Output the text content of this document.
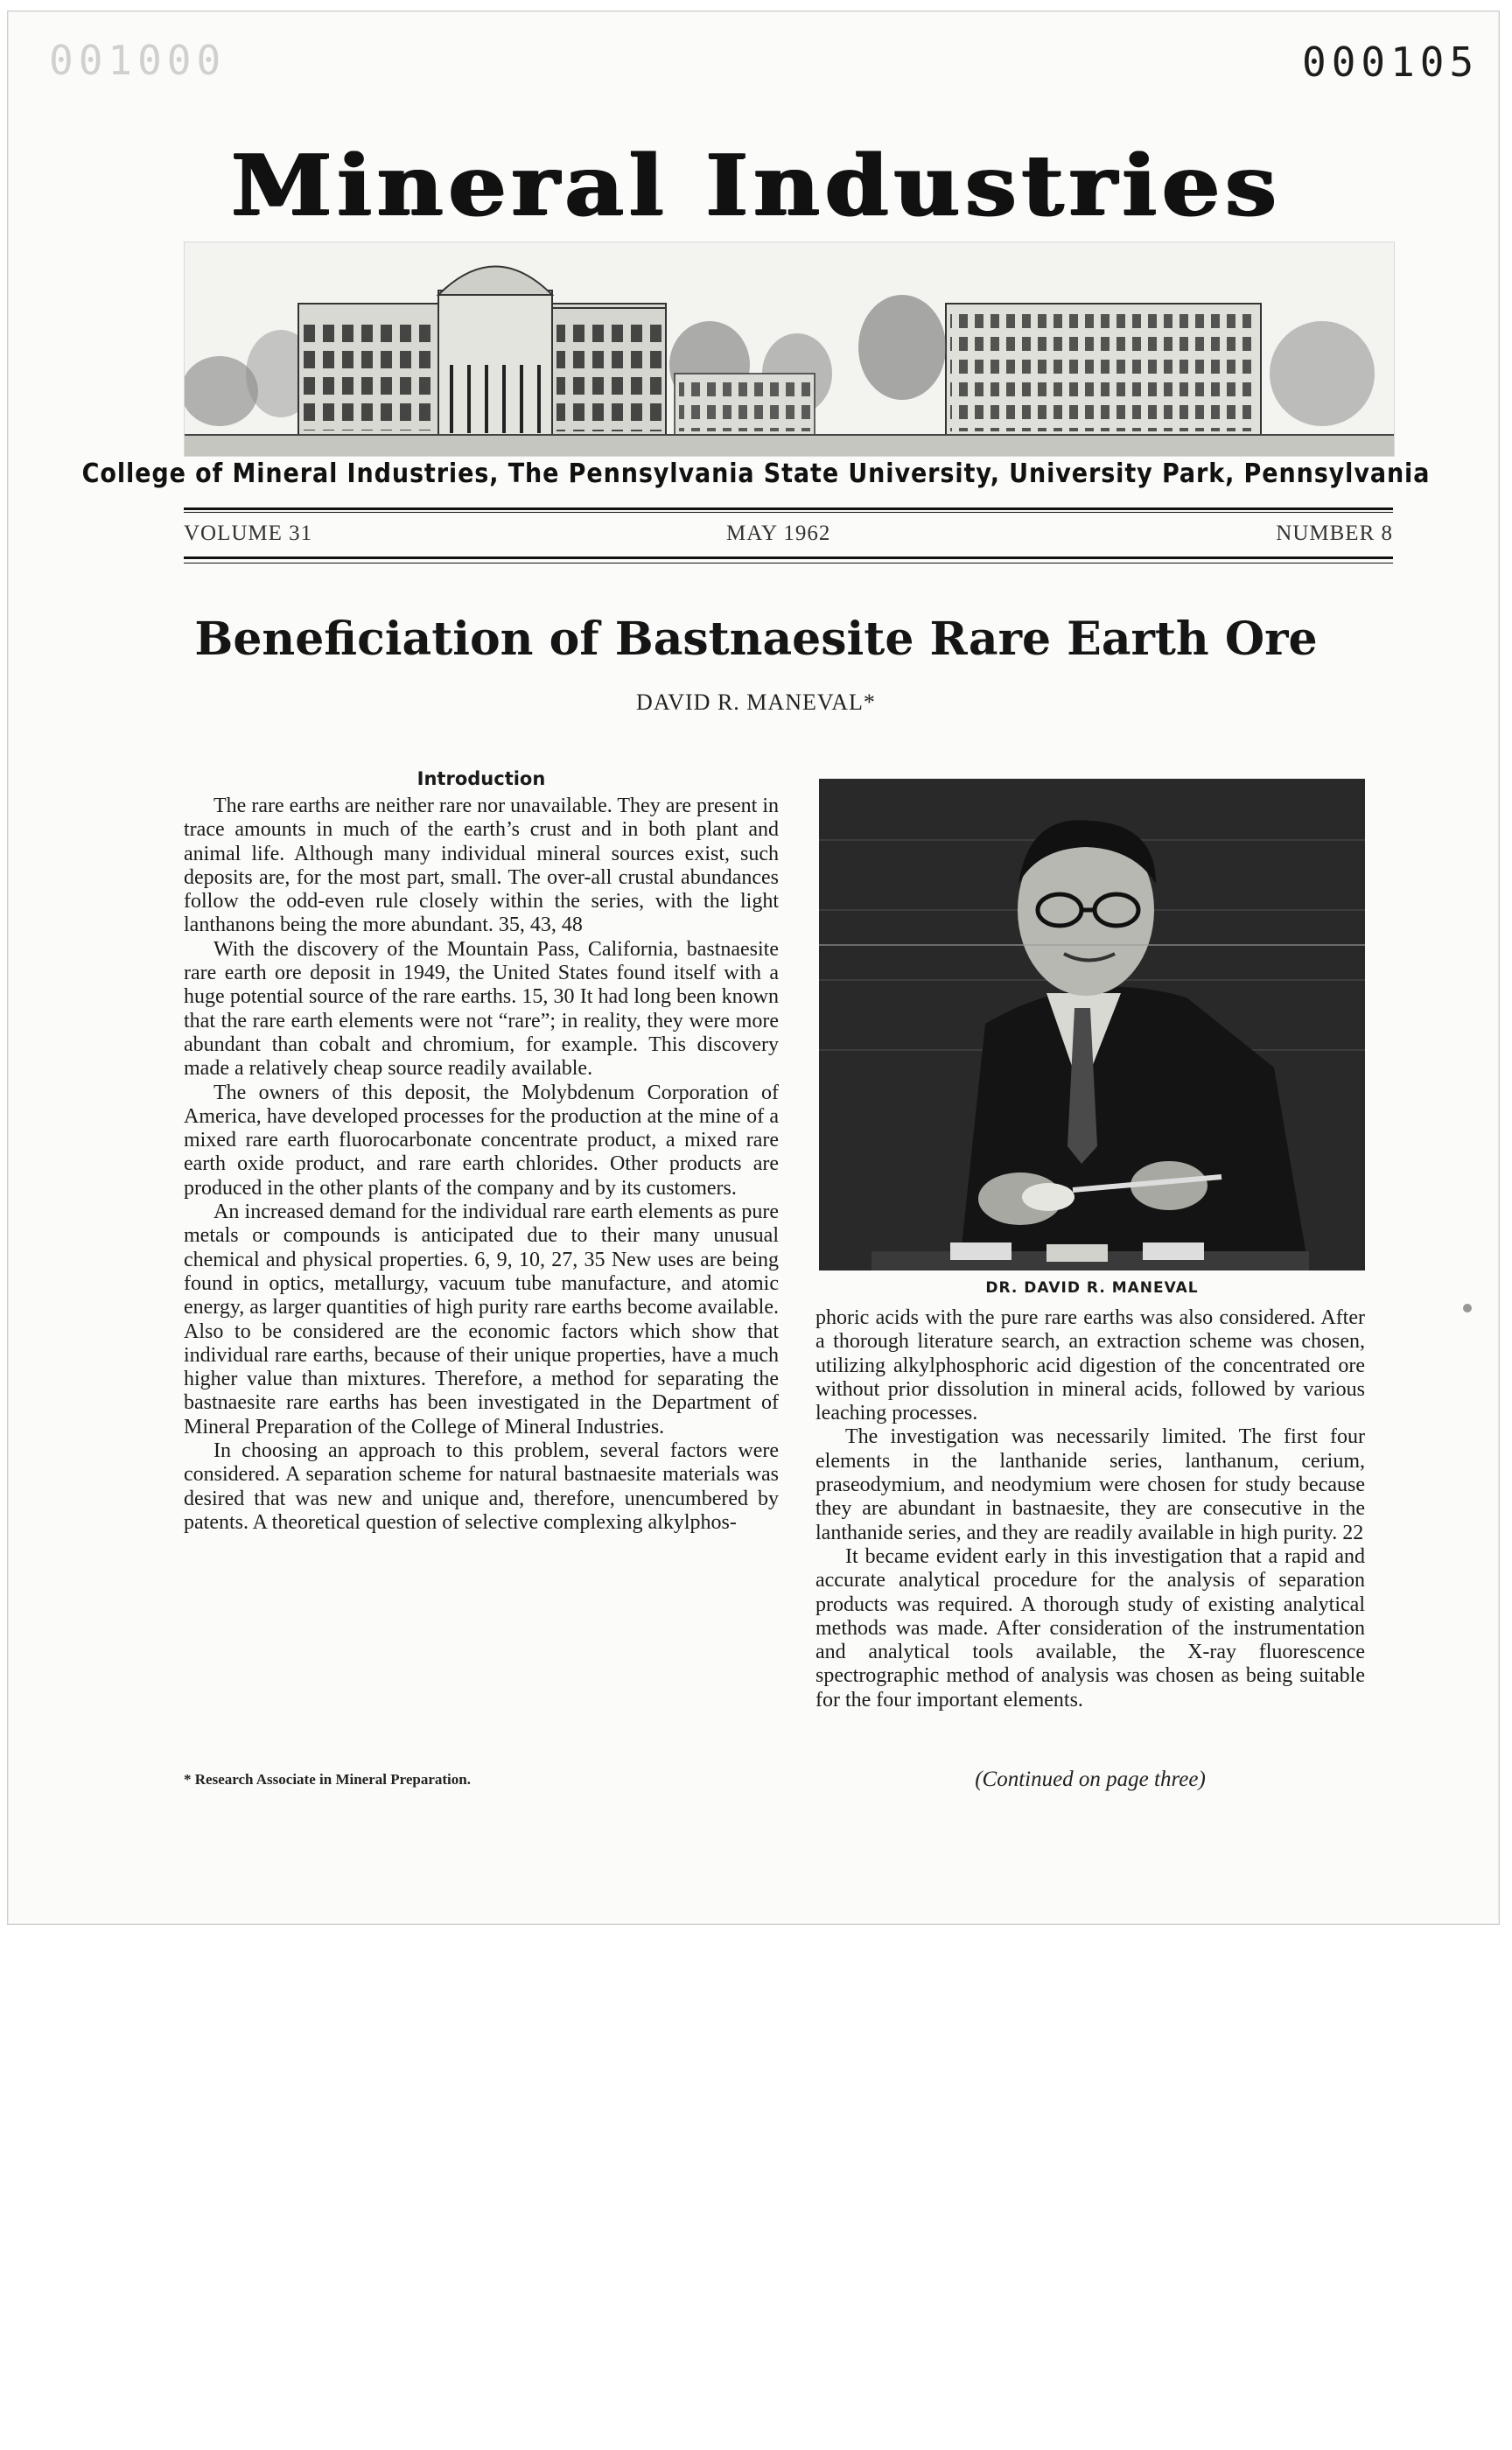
001000	000105
Mineral Industries
College of Mineral Industries, The Pennsylvania State University, University Park, Pennsylvania
VOLUME 31	MAY 1962	NUMBER 8
Beneficiation of Bastnaesite Rare Earth Ore
DAVID R. MANEVAL*
Introduction

The rare earths are neither rare nor unavailable. They are present in trace amounts in much of the earth’s crust and in both plant and animal life. Although many individual mineral sources exist, such deposits are, for the most part, small. The over-all crustal abundances follow the odd-even rule closely within the series, with the light lanthanons being the more abundant. 35, 43, 48

With the discovery of the Mountain Pass, California, bastnaesite rare earth ore deposit in 1949, the United States found itself with a huge potential source of the rare earths. 15, 30 It had long been known that the rare earth elements were not “rare”; in reality, they were more abundant than cobalt and chromium, for example. This discovery made a relatively cheap source readily available.

The owners of this deposit, the Molybdenum Corporation of America, have developed processes for the production at the mine of a mixed rare earth fluorocarbonate concentrate product, a mixed rare earth oxide product, and rare earth chlorides. Other products are produced in the other plants of the company and by its customers.

An increased demand for the individual rare earth elements as pure metals or compounds is anticipated due to their many unusual chemical and physical properties. 6, 9, 10, 27, 35 New uses are being found in optics, metallurgy, vacuum tube manufacture, and atomic energy, as larger quantities of high purity rare earths become available. Also to be considered are the economic factors which show that individual rare earths, because of their unique properties, have a much higher value than mixtures. Therefore, a method for separating the bastnaesite rare earths has been investigated in the Department of Mineral Preparation of the College of Mineral Industries.

In choosing an approach to this problem, several factors were considered. A separation scheme for natural bastnaesite materials was desired that was new and unique and, therefore, unencumbered by patents. A theoretical question of selective complexing alkylphos-

* Research Associate in Mineral Preparation.
DR. DAVID R. MANEVAL

phoric acids with the pure rare earths was also considered. After a thorough literature search, an extraction scheme was chosen, utilizing alkylphosphoric acid digestion of the concentrated ore without prior dissolution in mineral acids, followed by various leaching processes.

The investigation was necessarily limited. The first four elements in the lanthanide series, lanthanum, cerium, praseodymium, and neodymium were chosen for study because they are abundant in bastnaesite, they are consecutive in the lanthanide series, and they are readily available in high purity. 22

It became evident early in this investigation that a rapid and accurate analytical procedure for the analysis of separation products was required. A thorough study of existing analytical methods was made. After consideration of the instrumentation and analytical tools available, the X-ray fluorescence spectrographic method of analysis was chosen as being suitable for the four important elements.

(Continued on page three)
